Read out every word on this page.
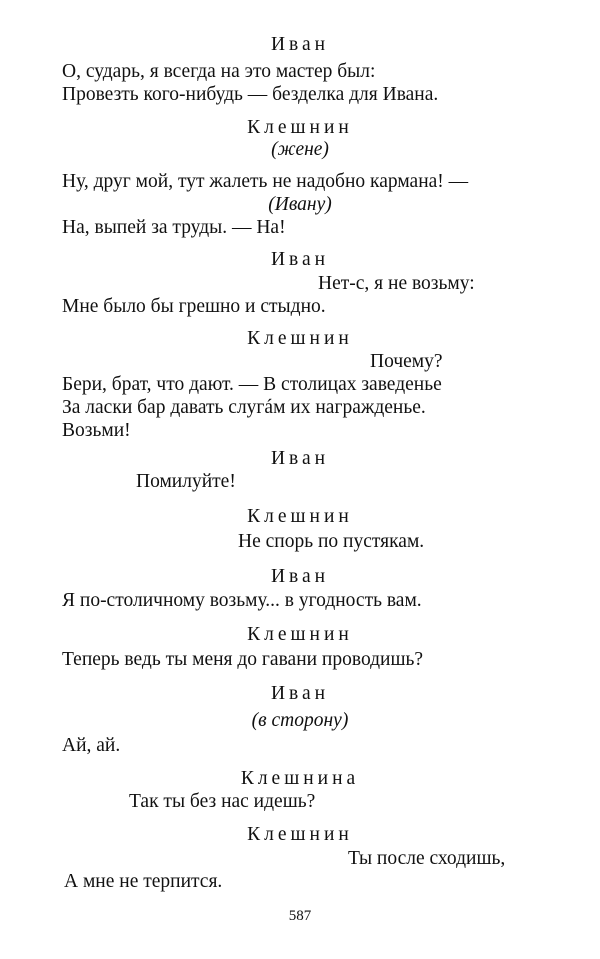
Иван
О, сударь, я всегда на это мастер был:
Провезть кого-нибудь — безделка для Ивана.
Клешнин
(жене)
Ну, друг мой, тут жалеть не надобно кармана! —
(Ивану)
На, выпей за труды. — На!
Иван
Нет-с, я не возьму:
Мне было бы грешно и стыдно.
Клешнин
Почему?
Бери, брат, что дают. — В столицах заведенье
За ласки бар давать слугáм их награжденье.
Возьми!
Иван
Помилуйте!
Клешнин
Не спорь по пустякам.
Иван
Я по-столичному возьму... в угодность вам.
Клешнин
Теперь ведь ты меня до гавани проводишь?
Иван
(в сторону)
Ай, ай.
Клешнина
Так ты без нас идешь?
Клешнин
Ты после сходишь,
А мне не терпится.
587
